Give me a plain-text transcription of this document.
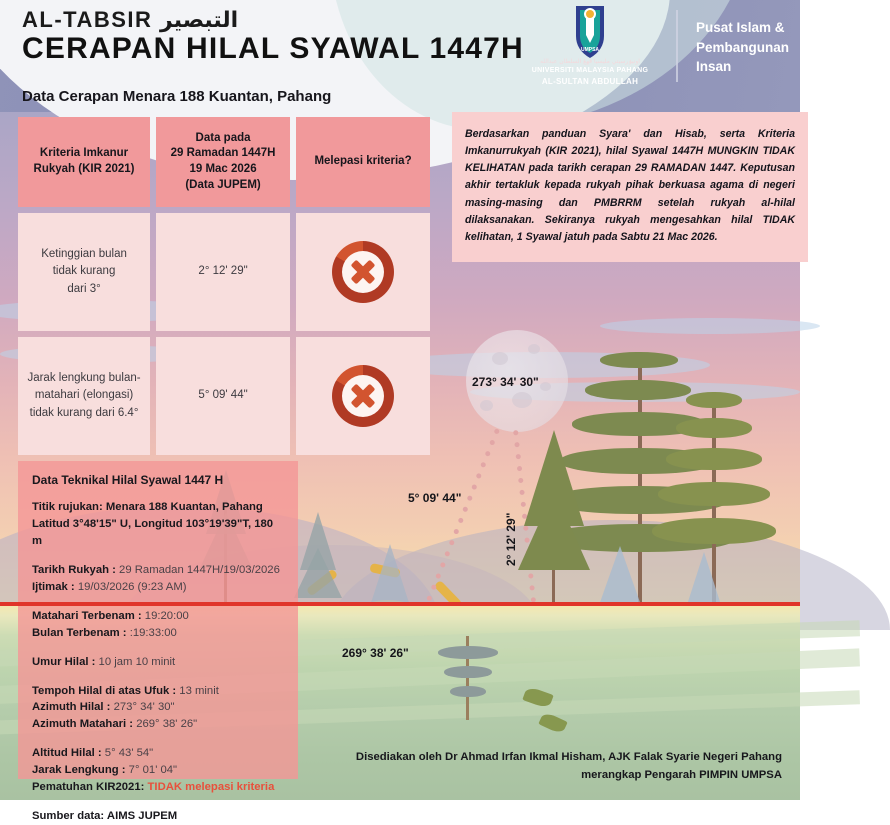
AL-TABSIR التبصير
CERAPAN HILAL SYAWAL 1447H
Data Cerapan Menara 188 Kuantan, Pahang
UMPSA
اونيۏرسيتي مليسيا ڤهڠ السلطان عبدالله
UNIVERSITI MALAYSIA PAHANG
AL-SULTAN ABDULLAH
Pusat Islam &
Pembangunan Insan
Kriteria Imkanur
Rukyah (KIR 2021)
Data pada
29 Ramadan 1447H
19 Mac 2026
(Data JUPEM)
Melepasi kriteria?
Ketinggian bulan
tidak kurang
dari 3°
2° 12' 29"
Jarak lengkung bulan-
matahari (elongasi)
tidak kurang dari 6.4°
5° 09' 44"
Berdasarkan panduan Syara' dan Hisab, serta Kriteria Imkanurrukyah (KIR 2021), hilal Syawal 1447H MUNGKIN TIDAK KELIHATAN pada tarikh cerapan 29 RAMADAN 1447. Keputusan akhir tertakluk kepada rukyah pihak berkuasa agama di negeri masing-masing dan PMBRRM setelah rukyah al-hilal dilaksanakan. Sekiranya rukyah mengesahkan hilal TIDAK kelihatan, 1 Syawal jatuh pada Sabtu 21 Mac 2026.
Data Teknikal Hilal Syawal 1447 H
Titik rujukan: Menara 188 Kuantan, Pahang
Latitud 3°48'15" U, Longitud 103°19'39"T, 180 m
Tarikh Rukyah : 29 Ramadan 1447H/19/03/2026
Ijtimak : 19/03/2026 (9:23 AM)
Matahari Terbenam : 19:20:00
Bulan Terbenam : :19:33:00
Umur Hilal : 10 jam 10 minit
Tempoh Hilal di atas Ufuk : 13 minit
Azimuth Hilal : 273° 34' 30"
Azimuth Matahari : 269° 38' 26"
Altitud Hilal : 5° 43' 54"
Jarak Lengkung : 7° 01' 04"
Pematuhan KIR2021: TIDAK melepasi kriteria
Sumber data: AIMS JUPEM
273° 34' 30"
5° 09' 44"
2° 12' 29"
269° 38' 26"
Disediakan oleh Dr Ahmad Irfan Ikmal Hisham, AJK Falak Syarie Negeri Pahang
merangkap Pengarah PIMPIN UMPSA
